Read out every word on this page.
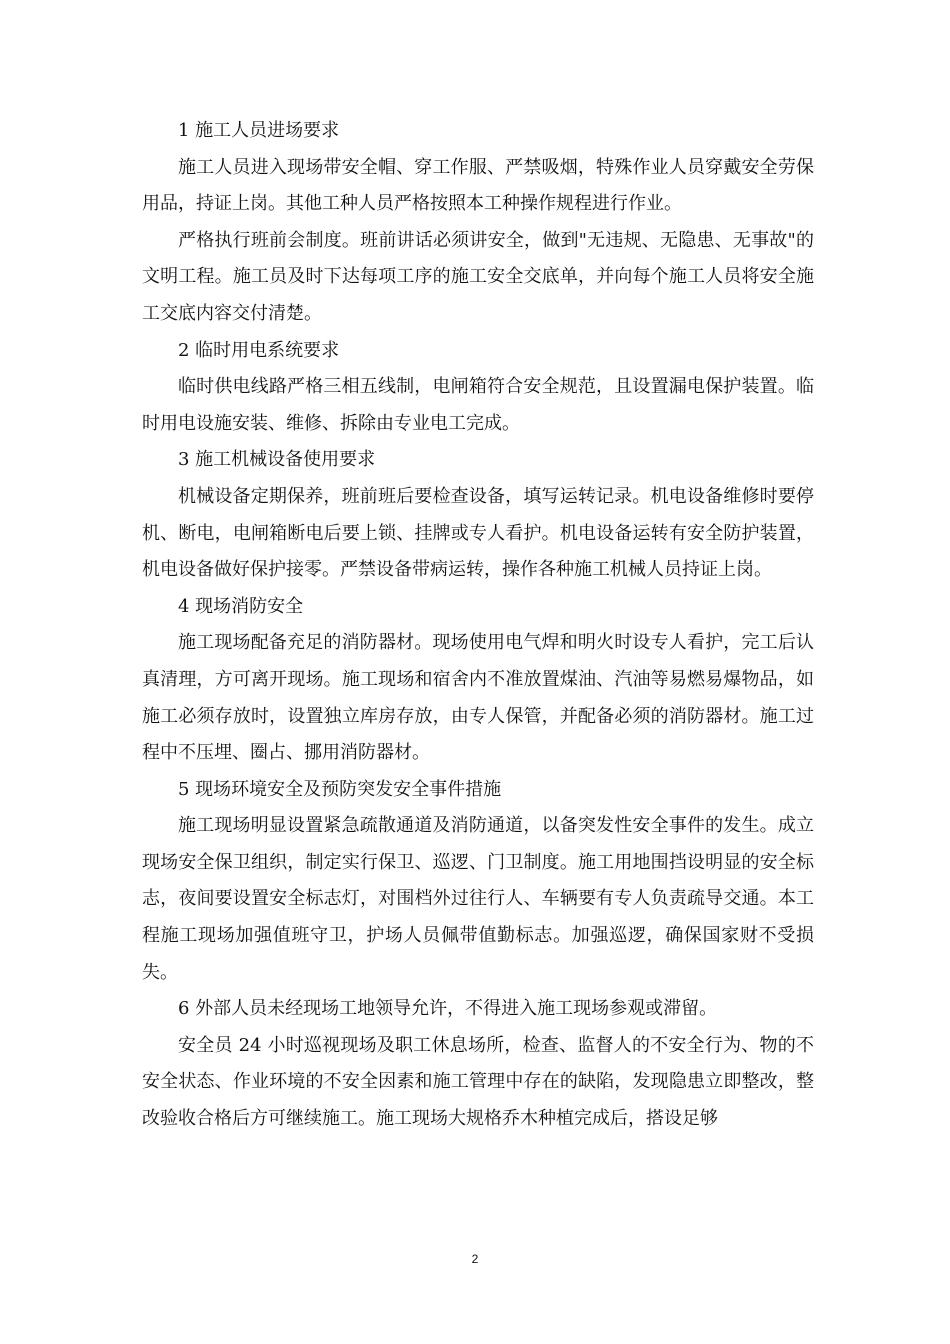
1 施工人员进场要求

施工人员进入现场带安全帽、穿工作服、严禁吸烟，特殊作业人员穿戴安全劳保用品，持证上岗。其他工种人员严格按照本工种操作规程进行作业。

严格执行班前会制度。班前讲话必须讲安全，做到"无违规、无隐患、无事故"的文明工程。施工员及时下达每项工序的施工安全交底单，并向每个施工人员将安全施工交底内容交付清楚。

2 临时用电系统要求

临时供电线路严格三相五线制，电闸箱符合安全规范，且设置漏电保护装置。临时用电设施安装、维修、拆除由专业电工完成。

3 施工机械设备使用要求

机械设备定期保养，班前班后要检查设备，填写运转记录。机电设备维修时要停机、断电，电闸箱断电后要上锁、挂牌或专人看护。机电设备运转有安全防护装置，机电设备做好保护接零。严禁设备带病运转，操作各种施工机械人员持证上岗。

4 现场消防安全

施工现场配备充足的消防器材。现场使用电气焊和明火时设专人看护，完工后认真清理，方可离开现场。施工现场和宿舍内不准放置煤油、汽油等易燃易爆物品，如施工必须存放时，设置独立库房存放，由专人保管，并配备必须的消防器材。施工过程中不压埋、圈占、挪用消防器材。

5 现场环境安全及预防突发安全事件措施

施工现场明显设置紧急疏散通道及消防通道，以备突发性安全事件的发生。成立现场安全保卫组织，制定实行保卫、巡逻、门卫制度。施工用地围挡设明显的安全标志，夜间要设置安全标志灯，对围档外过往行人、车辆要有专人负责疏导交通。本工程施工现场加强值班守卫，护场人员佩带值勤标志。加强巡逻，确保国家财不受损失。

6 外部人员未经现场工地领导允许，不得进入施工现场参观或滞留。

安全员 24 小时巡视现场及职工休息场所，检查、监督人的不安全行为、物的不安全状态、作业环境的不安全因素和施工管理中存在的缺陷，发现隐患立即整改，整改验收合格后方可继续施工。施工现场大规格乔木种植完成后，搭设足够

2
